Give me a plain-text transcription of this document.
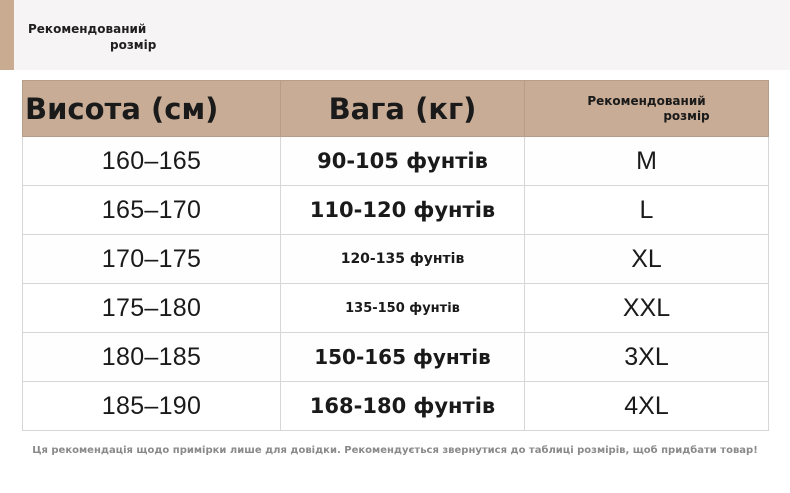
Рекомендований
розмір
Висота (см)	Вага (кг)	Рекомендований
розмір

160–165	90-105 фунтів	M
165–170	110-120 фунтів	L
170–175	120-135 фунтів	XL
175–180	135-150 фунтів	XXL
180–185	150-165 фунтів	3XL
185–190	168-180 фунтів	4XL
Ця рекомендація щодо примірки лише для довідки. Рекомендується звернутися до таблиці розмірів, щоб придбати товар!
